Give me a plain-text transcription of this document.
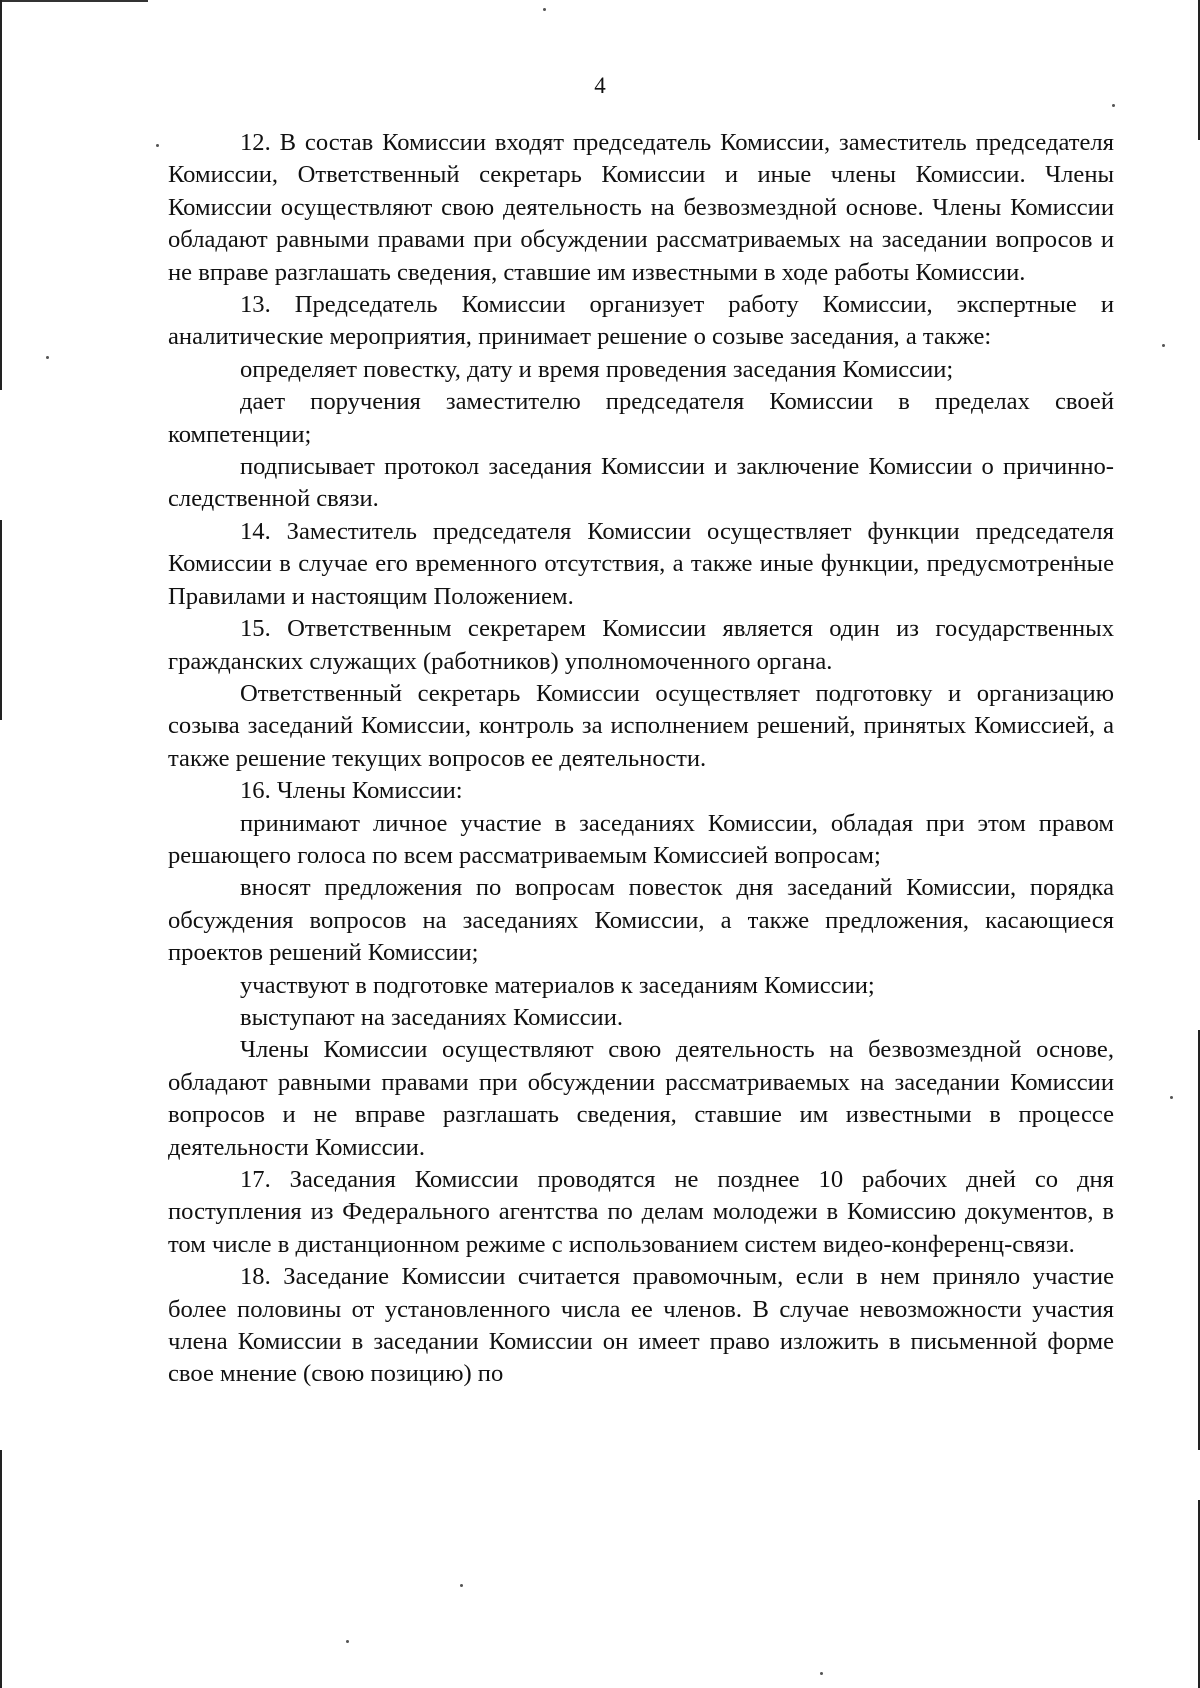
4

12. В состав Комиссии входят председатель Комиссии, заместитель председателя Комиссии, Ответственный секретарь Комиссии и иные члены Комиссии. Члены Комиссии осуществляют свою деятельность на безвозмездной основе. Члены Комиссии обладают равными правами при обсуждении рассматриваемых на заседании вопросов и не вправе разглашать сведения, ставшие им известными в ходе работы Комиссии.

13. Председатель Комиссии организует работу Комиссии, экспертные и аналитические мероприятия, принимает решение о созыве заседания, а также:

определяет повестку, дату и время проведения заседания Комиссии;

дает поручения заместителю председателя Комиссии в пределах своей компетенции;

подписывает протокол заседания Комиссии и заключение Комиссии о причинно-следственной связи.

14. Заместитель председателя Комиссии осуществляет функции председателя Комиссии в случае его временного отсутствия, а также иные функции, предусмотренные Правилами и настоящим Положением.

15. Ответственным секретарем Комиссии является один из государственных гражданских служащих (работников) уполномоченного органа.

Ответственный секретарь Комиссии осуществляет подготовку и организацию созыва заседаний Комиссии, контроль за исполнением решений, принятых Комиссией, а также решение текущих вопросов ее деятельности.

16. Члены Комиссии:

принимают личное участие в заседаниях Комиссии, обладая при этом правом решающего голоса по всем рассматриваемым Комиссией вопросам;

вносят предложения по вопросам повесток дня заседаний Комиссии, порядка обсуждения вопросов на заседаниях Комиссии, а также предложения, касающиеся проектов решений Комиссии;

участвуют в подготовке материалов к заседаниям Комиссии;

выступают на заседаниях Комиссии.

Члены Комиссии осуществляют свою деятельность на безвозмездной основе, обладают равными правами при обсуждении рассматриваемых на заседании Комиссии вопросов и не вправе разглашать сведения, ставшие им известными в процессе деятельности Комиссии.

17. Заседания Комиссии проводятся не позднее 10 рабочих дней со дня поступления из Федерального агентства по делам молодежи в Комиссию документов, в том числе в дистанционном режиме с использованием систем видео-конференц-связи.

18. Заседание Комиссии считается правомочным, если в нем приняло участие более половины от установленного числа ее членов. В случае невозможности участия члена Комиссии в заседании Комиссии он имеет право изложить в письменной форме свое мнение (свою позицию) по
